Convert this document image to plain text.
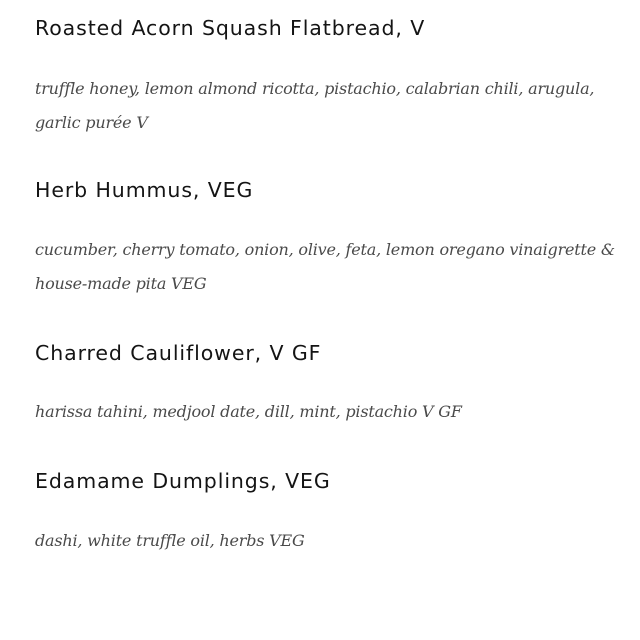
Roasted Acorn Squash Flatbread, V

truffle honey, lemon almond ricotta, pistachio, calabrian chili, arugula, garlic purée V

Herb Hummus, VEG

cucumber, cherry tomato, onion, olive, feta, lemon oregano vinaigrette & house-made pita VEG

Charred Cauliflower, V GF

harissa tahini, medjool date, dill, mint, pistachio V GF

Edamame Dumplings, VEG

dashi, white truffle oil, herbs VEG
